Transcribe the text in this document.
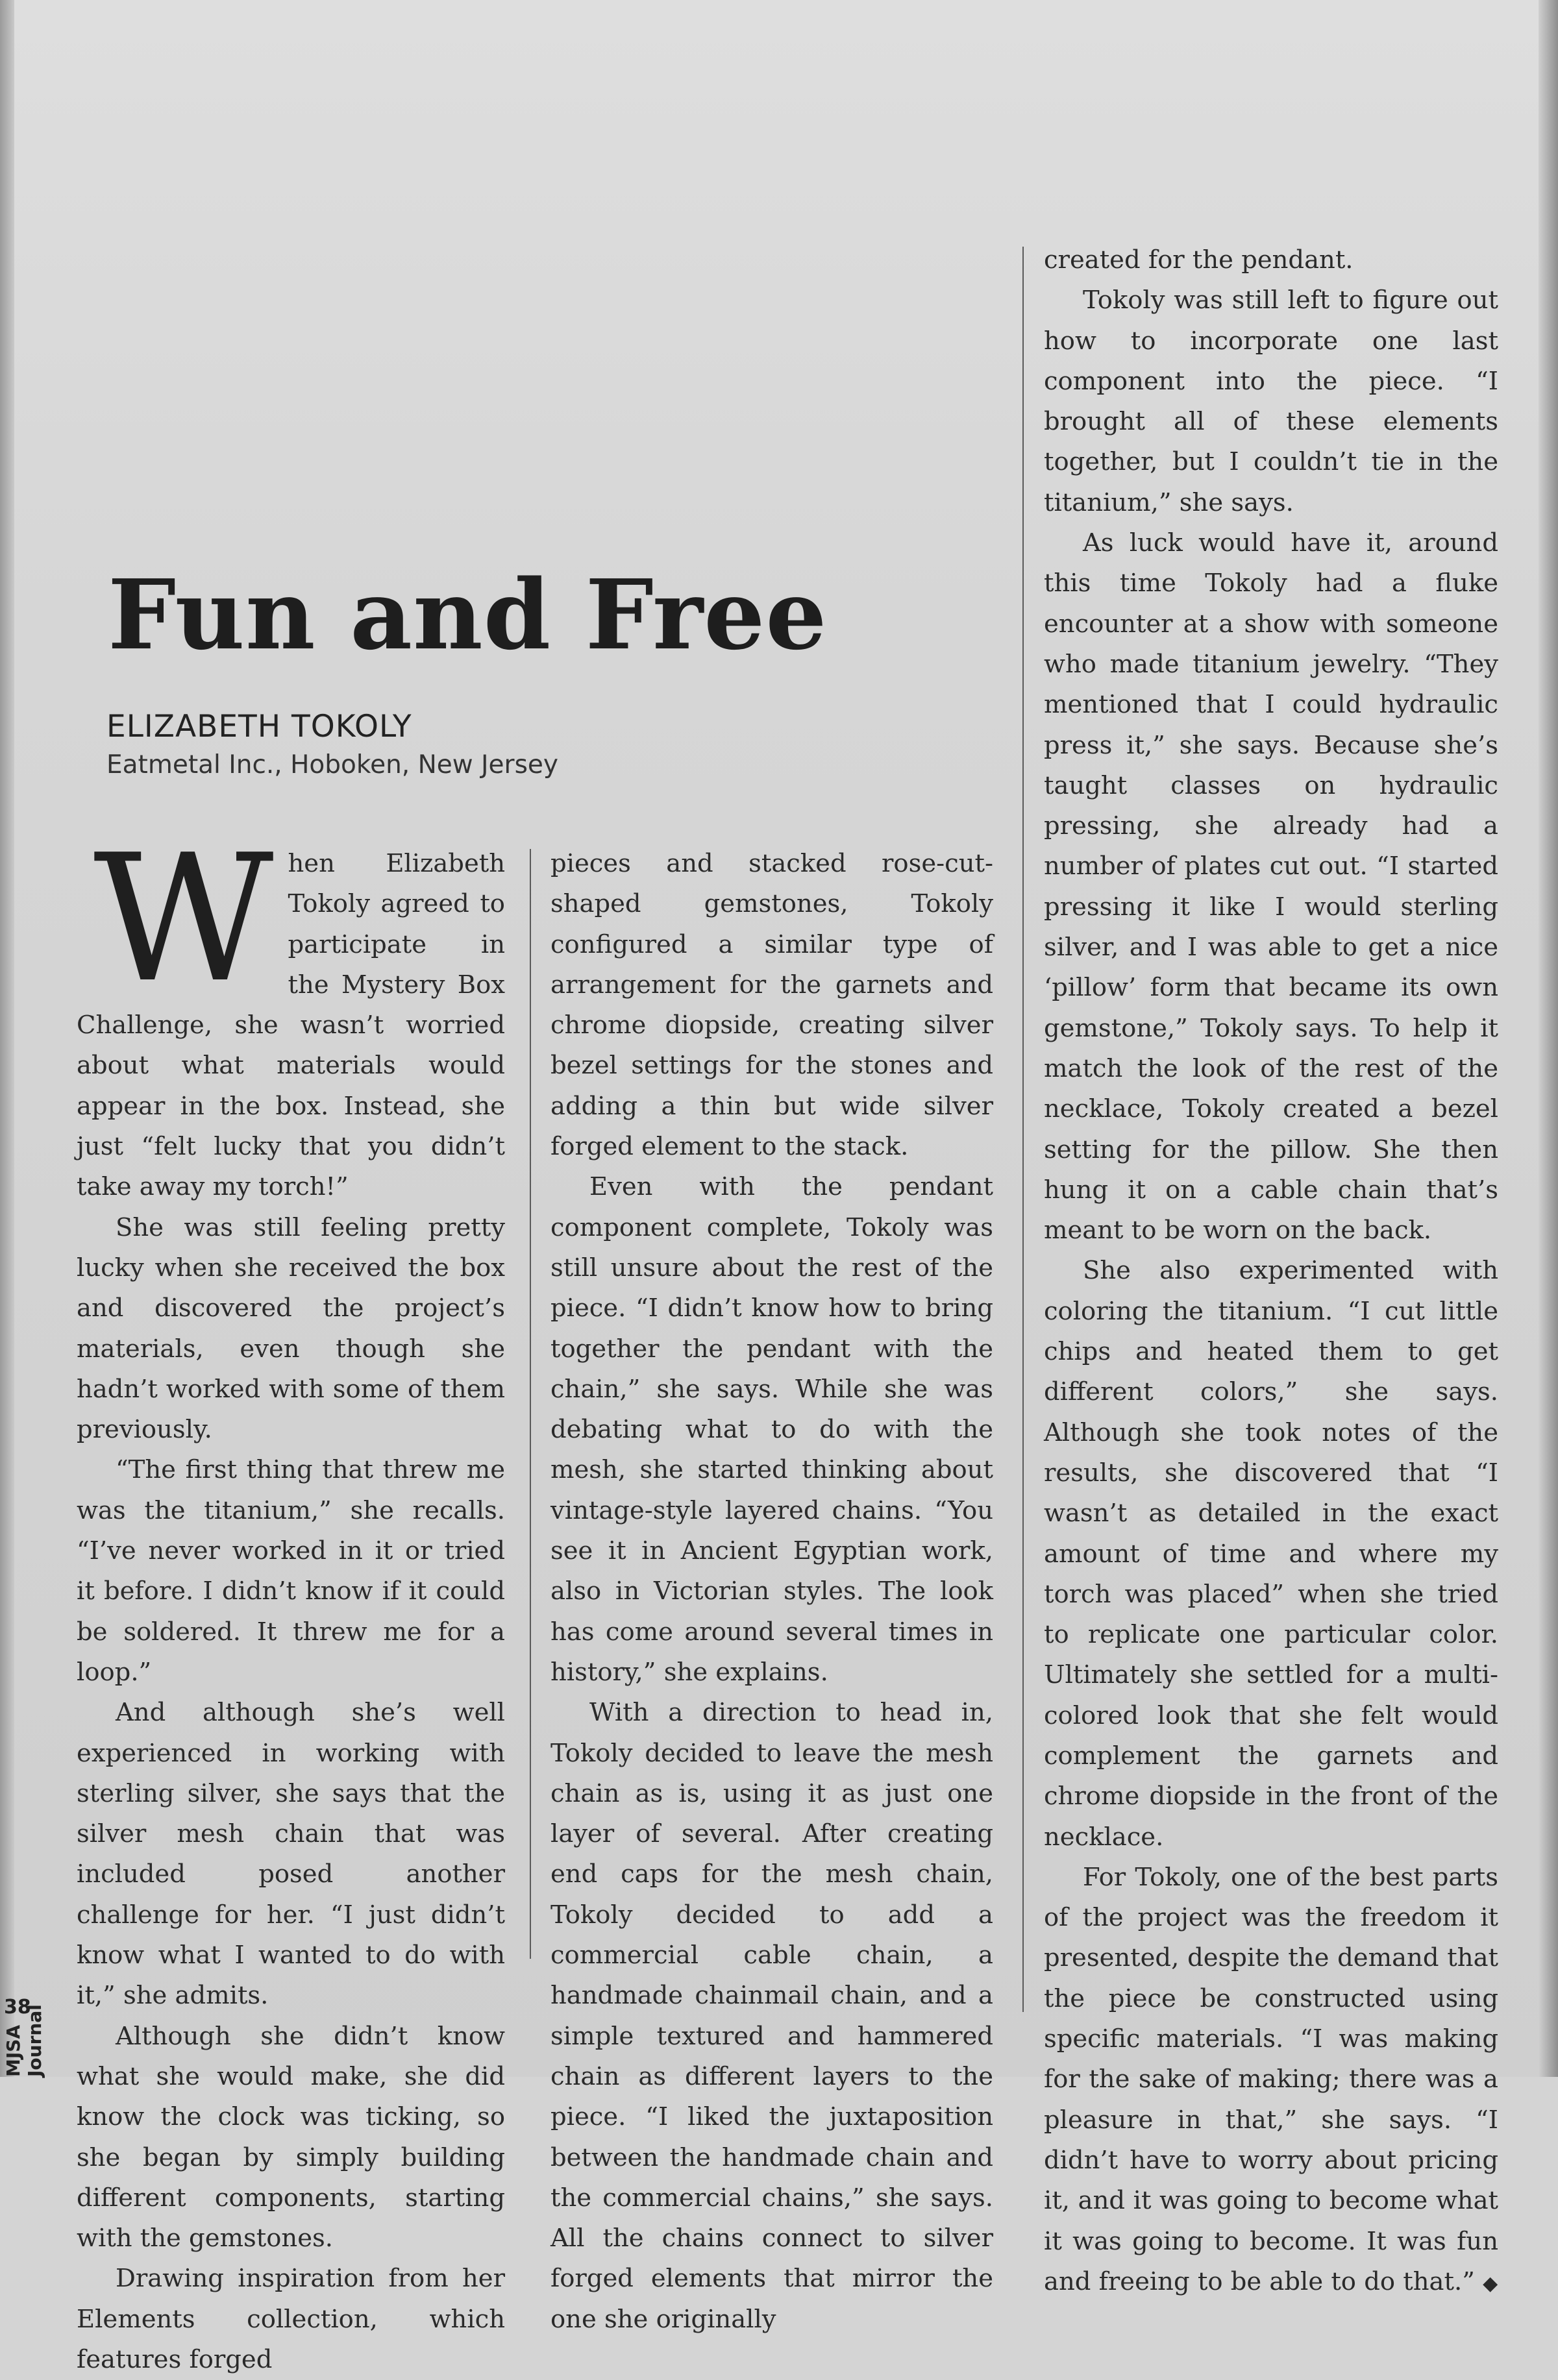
Fun and Free
ELIZABETH TOKOLY
Eatmetal Inc., Hoboken, New Jersey
W hen Elizabeth Tokoly agreed to participate in the Mystery Box Challenge, she wasn’t worried about what materials would appear in the box. Instead, she just “felt lucky that you didn’t take away my torch!”

She was still feeling pretty lucky when she received the box and discovered the project’s materials, even though she hadn’t worked with some of them previously.

“The first thing that threw me was the titanium,” she recalls. “I’ve never worked in it or tried it before. I didn’t know if it could be soldered. It threw me for a loop.”

And although she’s well experienced in working with sterling silver, she says that the silver mesh chain that was included posed another challenge for her. “I just didn’t know what I wanted to do with it,” she admits.

Although she didn’t know what she would make, she did know the clock was ticking, so she began by simply building different components, starting with the gemstones.

Drawing inspiration from her Elements collection, which features forged

pieces and stacked rose-cut-shaped gemstones, Tokoly configured a similar type of arrangement for the garnets and chrome diopside, creating silver bezel settings for the stones and adding a thin but wide silver forged element to the stack.

Even with the pendant component complete, Tokoly was still unsure about the rest of the piece. “I didn’t know how to bring together the pendant with the chain,” she says. While she was debating what to do with the mesh, she started thinking about vintage-style layered chains. “You see it in Ancient Egyptian work, also in Victorian styles. The look has come around several times in history,” she explains.

With a direction to head in, Tokoly decided to leave the mesh chain as is, using it as just one layer of several. After creating end caps for the mesh chain, Tokoly decided to add a commercial cable chain, a handmade chainmail chain, and a simple textured and hammered chain as different layers to the piece. “I liked the juxtaposition between the handmade chain and the commercial chains,” she says. All the chains connect to silver forged elements that mirror the one she originally

created for the pendant.

Tokoly was still left to figure out how to incorporate one last component into the piece. “I brought all of these elements together, but I couldn’t tie in the titanium,” she says.

As luck would have it, around this time Tokoly had a fluke encounter at a show with someone who made titanium jewelry. “They mentioned that I could hydraulic press it,” she says. Because she’s taught classes on hydraulic pressing, she already had a number of plates cut out. “I started pressing it like I would sterling silver, and I was able to get a nice ‘pillow’ form that became its own gemstone,” Tokoly says. To help it match the look of the rest of the necklace, Tokoly created a bezel setting for the pillow. She then hung it on a cable chain that’s meant to be worn on the back.

She also experimented with coloring the titanium. “I cut little chips and heated them to get different colors,” she says. Although she took notes of the results, she discovered that “I wasn’t as detailed in the exact amount of time and where my torch was placed” when she tried to replicate one particular color. Ultimately she settled for a multi-colored look that she felt would complement the garnets and chrome diopside in the front of the necklace.

For Tokoly, one of the best parts of the project was the freedom it presented, despite the demand that the piece be constructed using specific materials. “I was making for the sake of making; there was a pleasure in that,” she says. “I didn’t have to worry about pricing it, and it was going to become what it was going to become. It was fun and freeing to be able to do that.” ◆

MJSA Journal
38
